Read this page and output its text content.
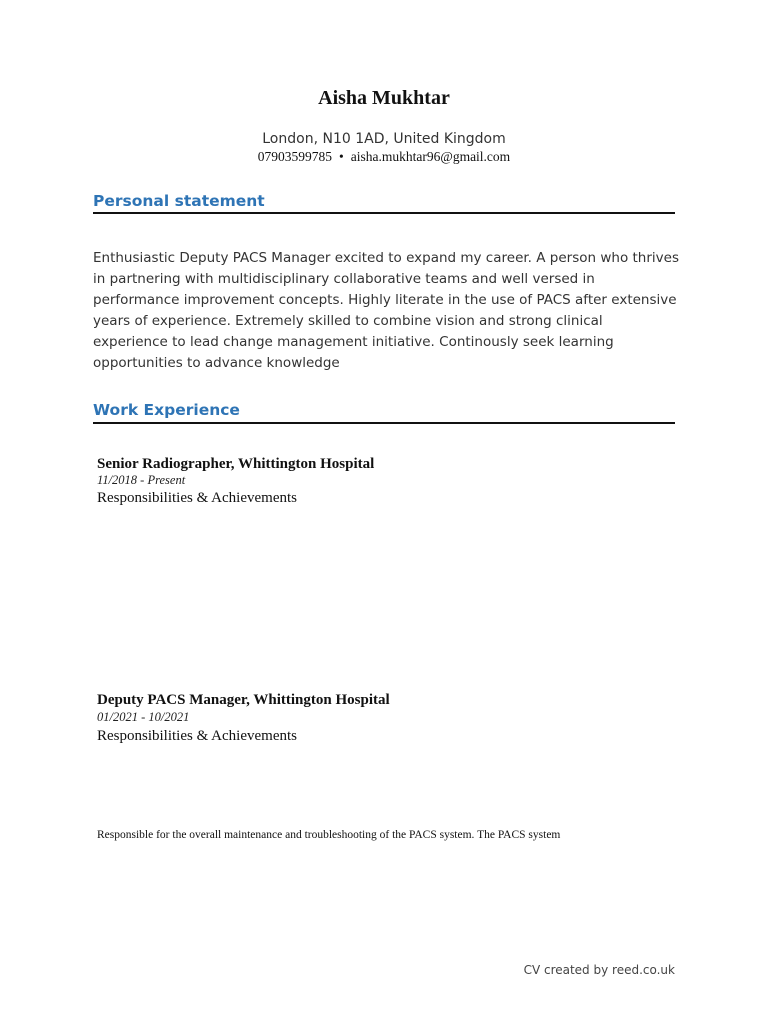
Aisha Mukhtar
London, N10 1AD, United Kingdom
07903599785 • aisha.mukhtar96@gmail.com
Personal statement
Enthusiastic Deputy PACS Manager excited to expand my career. A person who thrives in partnering with multidisciplinary collaborative teams and well versed in performance improvement concepts. Highly literate in the use of PACS after extensive years of experience. Extremely skilled to combine vision and strong clinical experience to lead change management initiative. Continously seek learning opportunities to advance knowledge
Work Experience
Senior Radiographer, Whittington Hospital
11/2018 - Present
Responsibilities & Achievements
Deputy PACS Manager, Whittington Hospital
01/2021 - 10/2021
Responsibilities & Achievements
Responsible for the overall maintenance and troubleshooting of the PACS system. The PACS system
CV created by reed.co.uk
